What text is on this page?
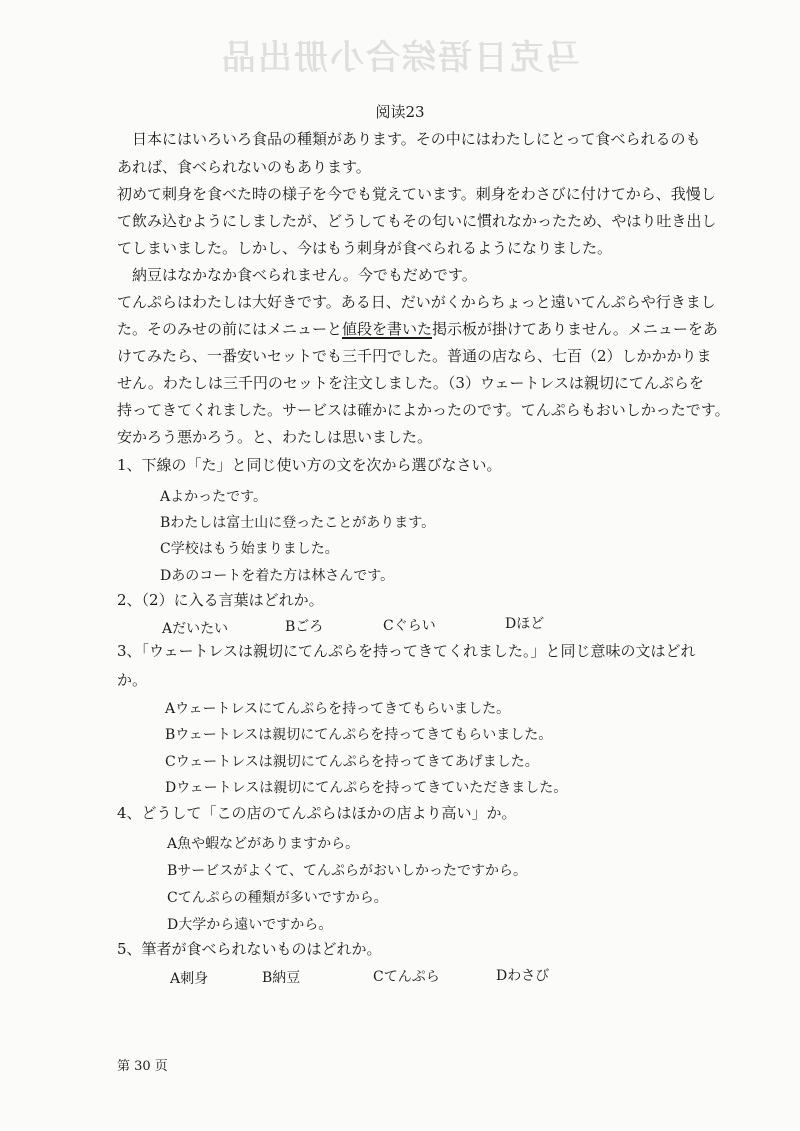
马克日语综合小册出品
阅读23
　日本にはいろいろ食品の種類があります。その中にはわたしにとって食べられるのも
あれば、食べられないのもあります。
初めて刺身を食べた時の様子を今でも覚えています。刺身をわさびに付けてから、我慢し
て飲み込むようにしましたが、どうしてもその匂いに慣れなかったため、やはり吐き出し
てしまいました。しかし、今はもう刺身が食べられるようになりました。
　納豆はなかなか食べられません。今でもだめです。
てんぷらはわたしは大好きです。ある日、だいがくからちょっと遠いてんぷらや行きまし
た。そのみせの前にはメニューと値段を書いた掲示板が掛けてありません。メニューをあ
けてみたら、一番安いセットでも三千円でした。普通の店なら、七百（2）しかかかりま
せん。わたしは三千円のセットを注文しました。（3）ウェートレスは親切にてんぷらを
持ってきてくれました。サービスは確かによかったのです。てんぷらもおいしかったです。
安かろう悪かろう。と、わたしは思いました。
1、下線の「た」と同じ使い方の文を次から選びなさい。
Aよかったです。
Bわたしは富士山に登ったことがあります。
C学校はもう始まりました。
Dあのコートを着た方は林さんです。
2、（2）に入る言葉はどれか。
Aだいたい	Bごろ	Cぐらい	Dほど
3、「ウェートレスは親切にてんぷらを持ってきてくれました。」と同じ意味の文はどれ
か。
Aウェートレスにてんぷらを持ってきてもらいました。
Bウェートレスは親切にてんぷらを持ってきてもらいました。
Cウェートレスは親切にてんぷらを持ってきてあげました。
Dウェートレスは親切にてんぷらを持ってきていただきました。
4、どうして「この店のてんぷらはほかの店より高い」か。
A魚や蝦などがありますから。
Bサービスがよくて、てんぷらがおいしかったですから。
Cてんぷらの種類が多いですから。
D大学から遠いですから。
5、筆者が食べられないものはどれか。
A刺身	B納豆	Cてんぷら	Dわさび
第 30 页
